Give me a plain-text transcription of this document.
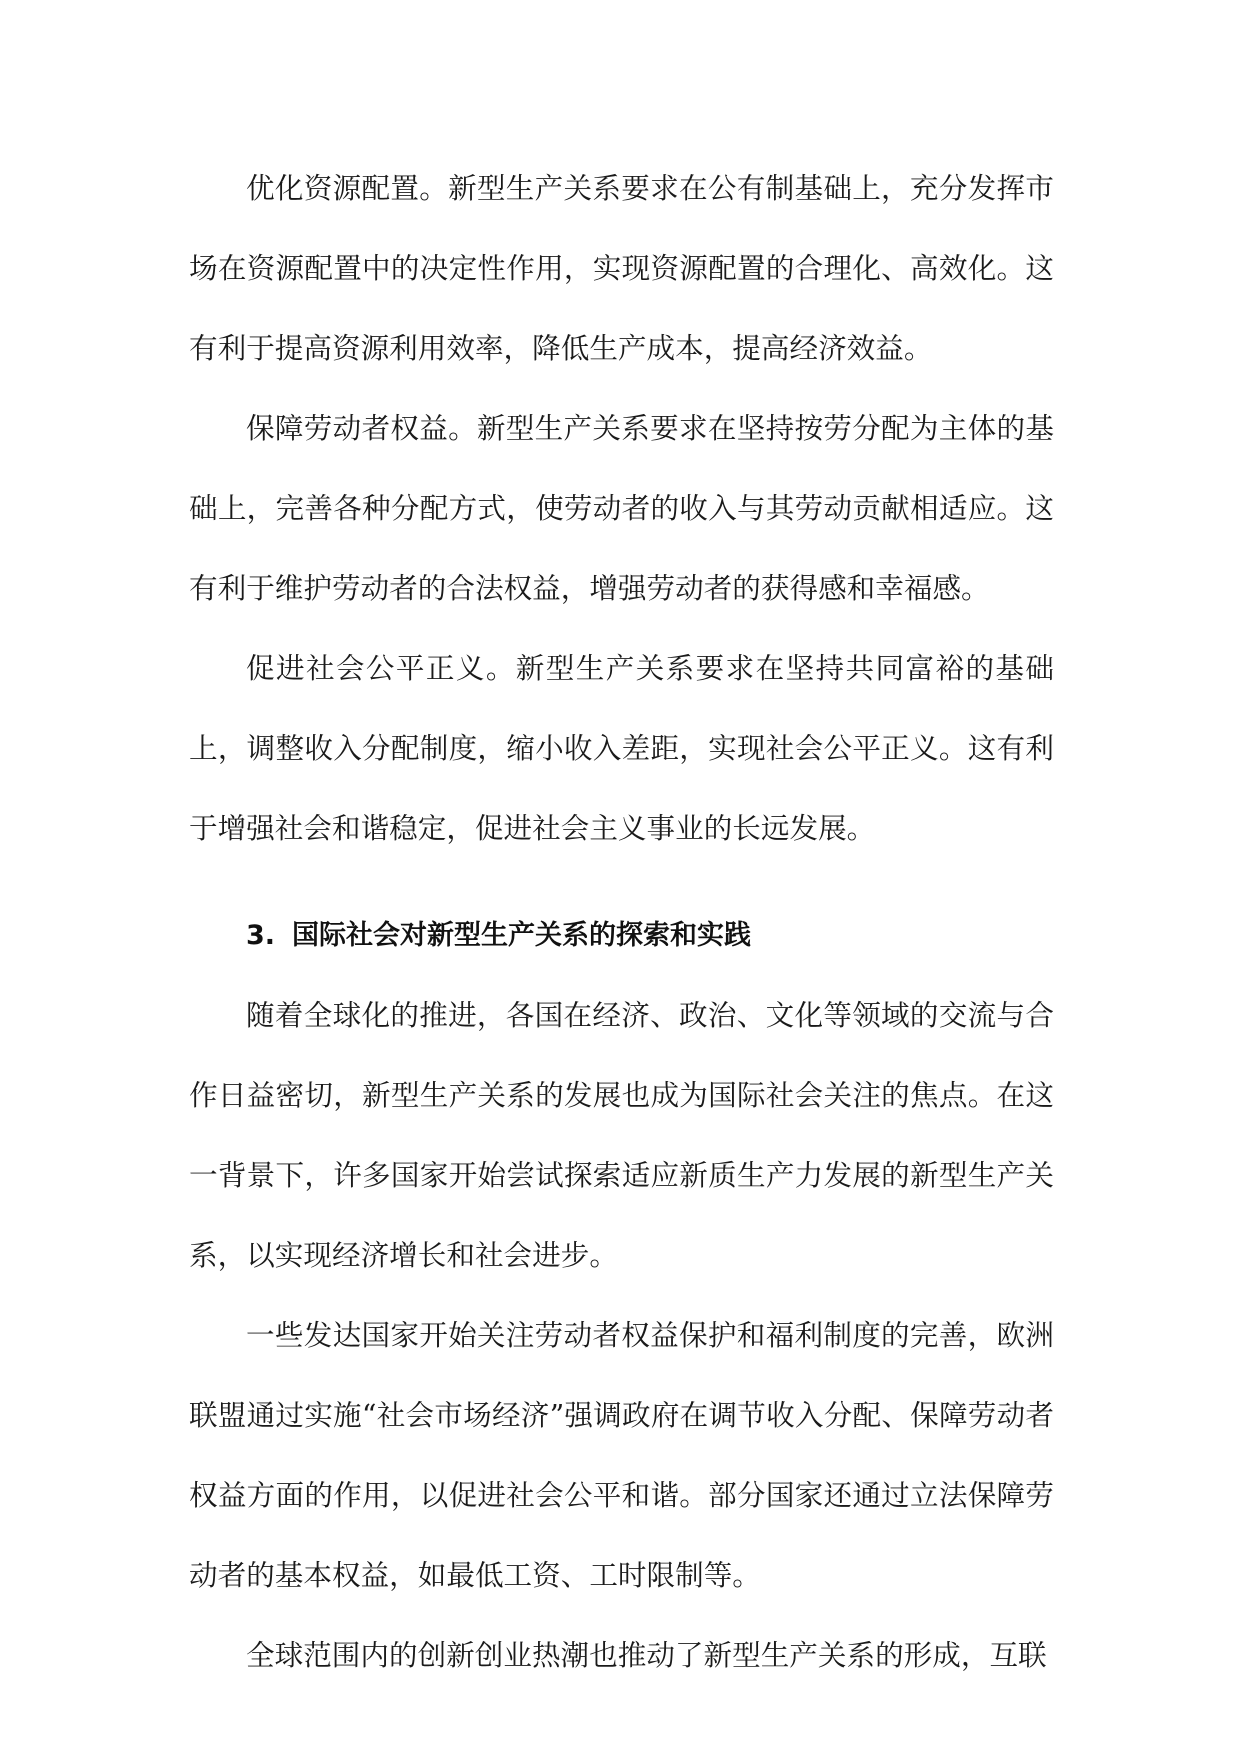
优化资源配置。新型生产关系要求在公有制基础上，充分发挥市场在资源配置中的决定性作用，实现资源配置的合理化、高效化。这有利于提高资源利用效率，降低生产成本，提高经济效益。

保障劳动者权益。新型生产关系要求在坚持按劳分配为主体的基础上，完善各种分配方式，使劳动者的收入与其劳动贡献相适应。这有利于维护劳动者的合法权益，增强劳动者的获得感和幸福感。

促进社会公平正义。新型生产关系要求在坚持共同富裕的基础上，调整收入分配制度，缩小收入差距，实现社会公平正义。这有利于增强社会和谐稳定，促进社会主义事业的长远发展。

3. 国际社会对新型生产关系的探索和实践

随着全球化的推进，各国在经济、政治、文化等领域的交流与合作日益密切，新型生产关系的发展也成为国际社会关注的焦点。在这一背景下，许多国家开始尝试探索适应新质生产力发展的新型生产关系，以实现经济增长和社会进步。

一些发达国家开始关注劳动者权益保护和福利制度的完善，欧洲联盟通过实施“社会市场经济”强调政府在调节收入分配、保障劳动者权益方面的作用，以促进社会公平和谐。部分国家还通过立法保障劳动者的基本权益，如最低工资、工时限制等。

全球范围内的创新创业热潮也推动了新型生产关系的形成，互联
